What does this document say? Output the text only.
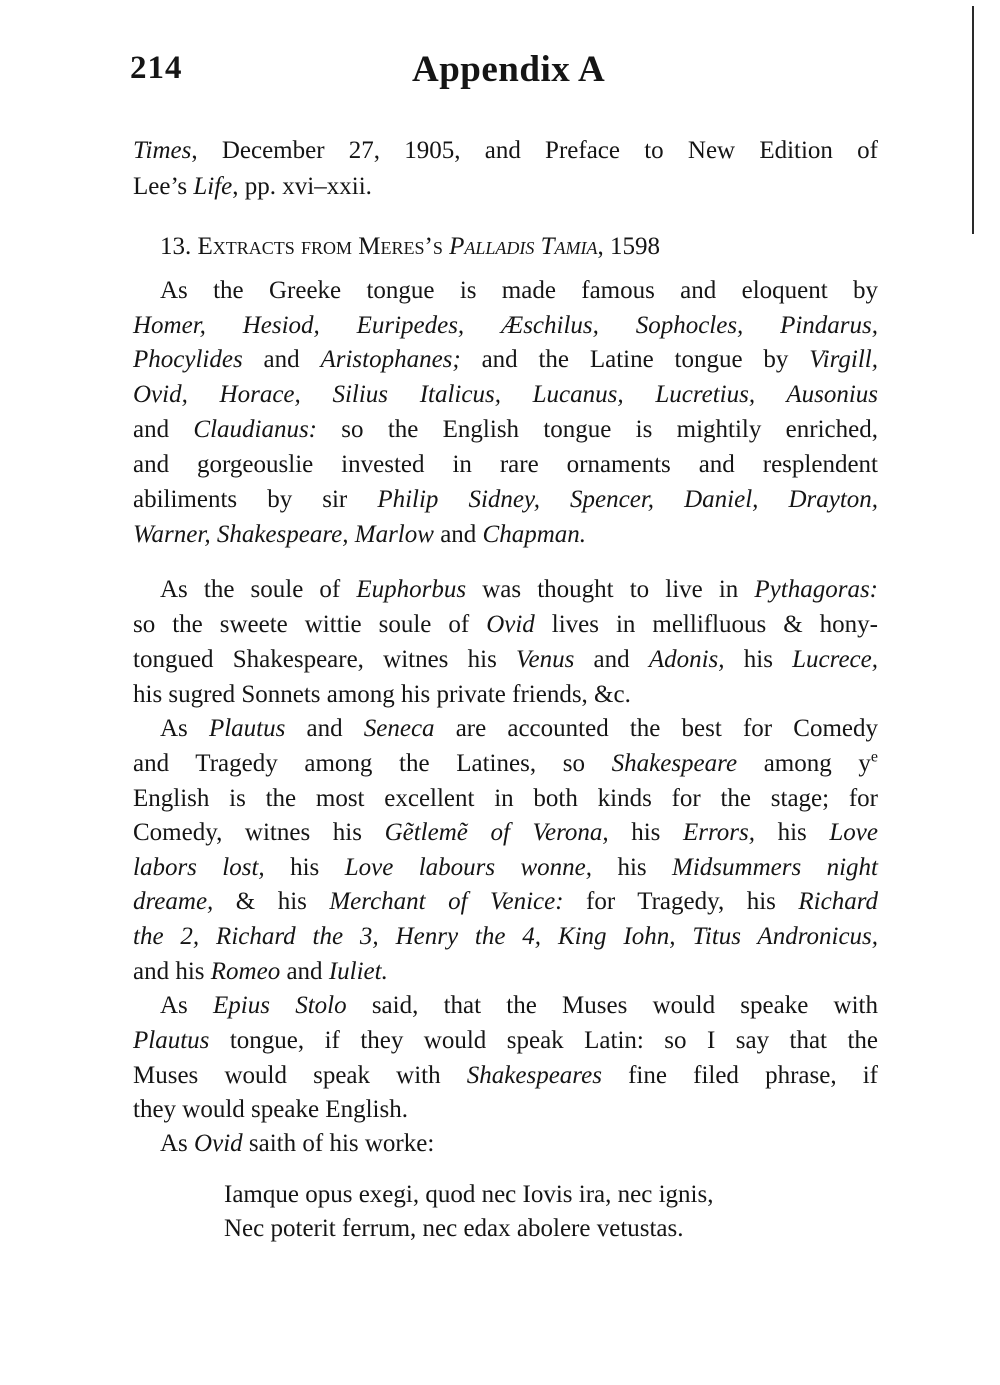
214	Appendix A
Times, December 27, 1905, and Preface to New Edition of
Lee’s Life, pp. xvi–xxii.
13. Extracts from Meres’s Palladis Tamia, 1598
As the Greeke tongue is made famous and eloquent by
Homer, Hesiod, Euripedes, Æschilus, Sophocles, Pindarus,
Phocylides and Aristophanes; and the Latine tongue by Virgill,
Ovid, Horace, Silius Italicus, Lucanus, Lucretius, Ausonius
and Claudianus: so the English tongue is mightily enriched,
and gorgeouslie invested in rare ornaments and resplendent
abiliments by sir Philip Sidney, Spencer, Daniel, Drayton,
Warner, Shakespeare, Marlow and Chapman.
As the soule of Euphorbus was thought to live in Pythagoras:
so the sweete wittie soule of Ovid lives in mellifluous & hony-
tongued Shakespeare, witnes his Venus and Adonis, his Lucrece,
his sugred Sonnets among his private friends, &c.
As Plautus and Seneca are accounted the best for Comedy
and Tragedy among the Latines, so Shakespeare among $y^e$
English is the most excellent in both kinds for the stage; for
Comedy, witnes his Gẽtlemẽ of Verona, his Errors, his Love
labors lost, his Love labours wonne, his Midsummers night
dreame, & his Merchant of Venice: for Tragedy, his Richard
the 2, Richard the 3, Henry the 4, King Iohn, Titus Andronicus,
and his Romeo and Iuliet.
As Epius Stolo said, that the Muses would speake with
Plautus tongue, if they would speak Latin: so I say that the
Muses would speak with Shakespeares fine filed phrase, if
they would speake English.
As Ovid saith of his worke:
Iamque opus exegi, quod nec Iovis ira, nec ignis,
Nec poterit ferrum, nec edax abolere vetustas.
